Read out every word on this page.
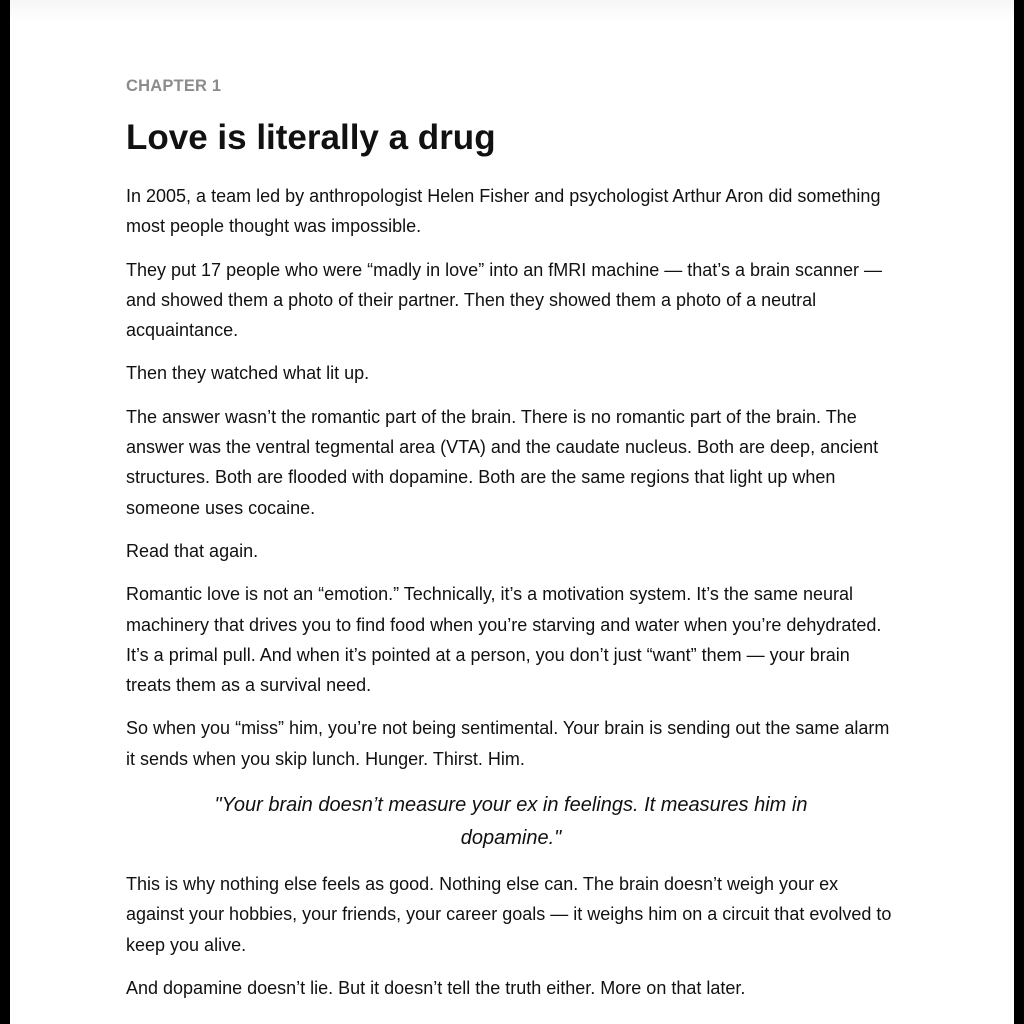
CHAPTER 1

Love is literally a drug

In 2005, a team led by anthropologist Helen Fisher and psychologist Arthur Aron did something most people thought was impossible.

They put 17 people who were “madly in love” into an fMRI machine — that’s a brain scanner — and showed them a photo of their partner. Then they showed them a photo of a neutral acquaintance.

Then they watched what lit up.

The answer wasn’t the romantic part of the brain. There is no romantic part of the brain. The answer was the ventral tegmental area (VTA) and the caudate nucleus. Both are deep, ancient structures. Both are flooded with dopamine. Both are the same regions that light up when someone uses cocaine.

Read that again.

Romantic love is not an “emotion.” Technically, it’s a motivation system. It’s the same neural machinery that drives you to find food when you’re starving and water when you’re dehydrated. It’s a primal pull. And when it’s pointed at a person, you don’t just “want” them — your brain treats them as a survival need.

So when you “miss” him, you’re not being sentimental. Your brain is sending out the same alarm it sends when you skip lunch. Hunger. Thirst. Him.

"Your brain doesn’t measure your ex in feelings. It measures him in dopamine."

This is why nothing else feels as good. Nothing else can. The brain doesn’t weigh your ex against your hobbies, your friends, your career goals — it weighs him on a circuit that evolved to keep you alive.

And dopamine doesn’t lie. But it doesn’t tell the truth either. More on that later.
